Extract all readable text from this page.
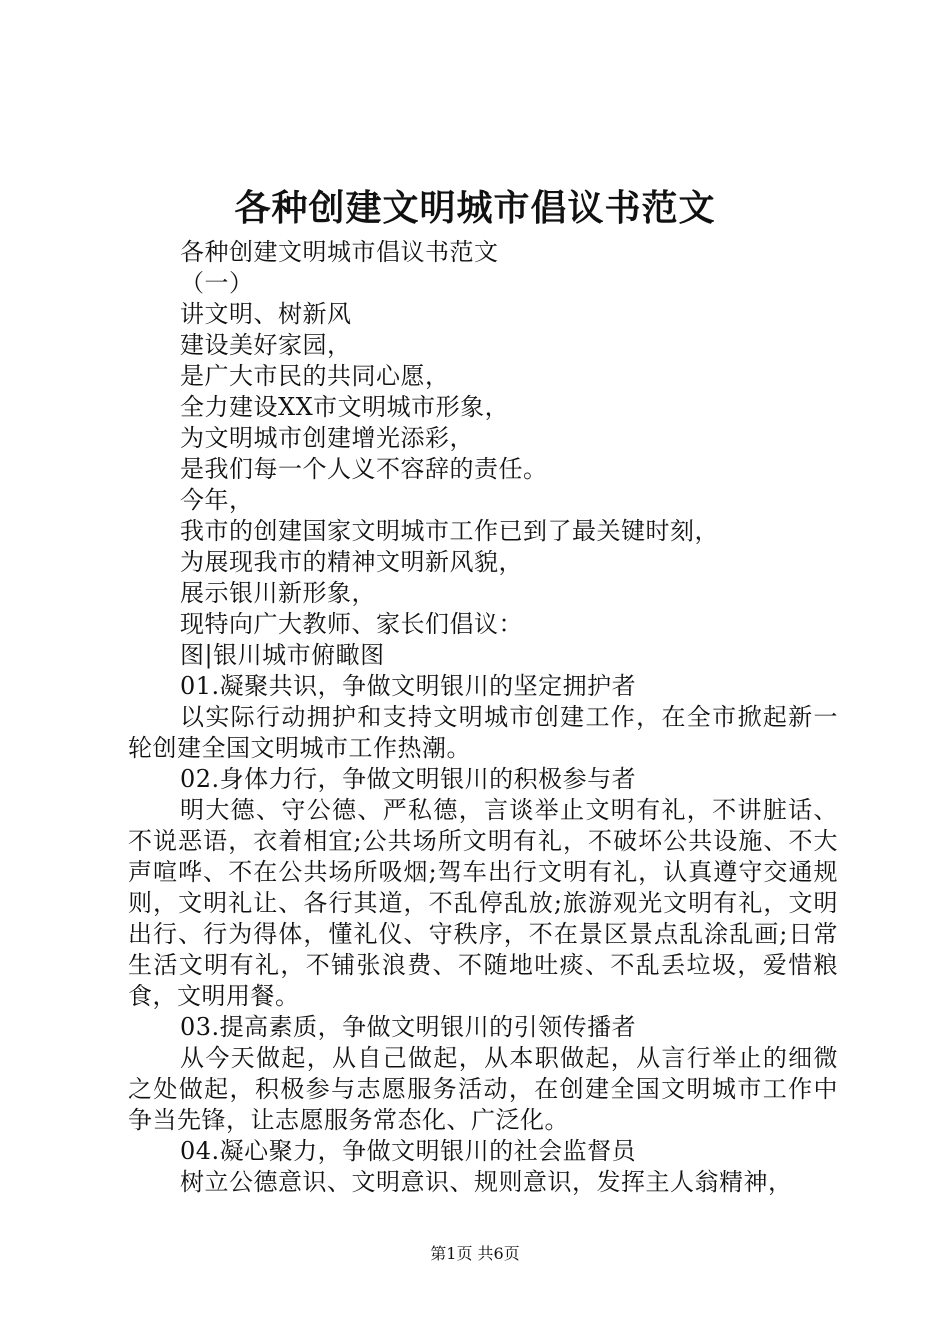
各种创建文明城市倡议书范文
各种创建文明城市倡议书范文
（一）
讲文明、树新风
建设美好家园，
是广大市民的共同心愿，
全力建设XX市文明城市形象，
为文明城市创建增光添彩，
是我们每一个人义不容辞的责任。
今年，
我市的创建国家文明城市工作已到了最关键时刻，
为展现我市的精神文明新风貌，
展示银川新形象，
现特向广大教师、家长们倡议：
图|银川城市俯瞰图
01.凝聚共识，争做文明银川的坚定拥护者
以实际行动拥护和支持文明城市创建工作，在全市掀起新一轮创建全国文明城市工作热潮。
02.身体力行，争做文明银川的积极参与者
明大德、守公德、严私德，言谈举止文明有礼，不讲脏话、不说恶语，衣着相宜;公共场所文明有礼，不破坏公共设施、不大声喧哗、不在公共场所吸烟;驾车出行文明有礼，认真遵守交通规则，文明礼让、各行其道，不乱停乱放;旅游观光文明有礼，文明出行、行为得体，懂礼仪、守秩序，不在景区景点乱涂乱画;日常生活文明有礼，不铺张浪费、不随地吐痰、不乱丢垃圾，爱惜粮食，文明用餐。
03.提高素质，争做文明银川的引领传播者
从今天做起，从自己做起，从本职做起，从言行举止的细微之处做起，积极参与志愿服务活动，在创建全国文明城市工作中争当先锋，让志愿服务常态化、广泛化。
04.凝心聚力，争做文明银川的社会监督员
树立公德意识、文明意识、规则意识，发挥主人翁精神，
第1页 共6页
